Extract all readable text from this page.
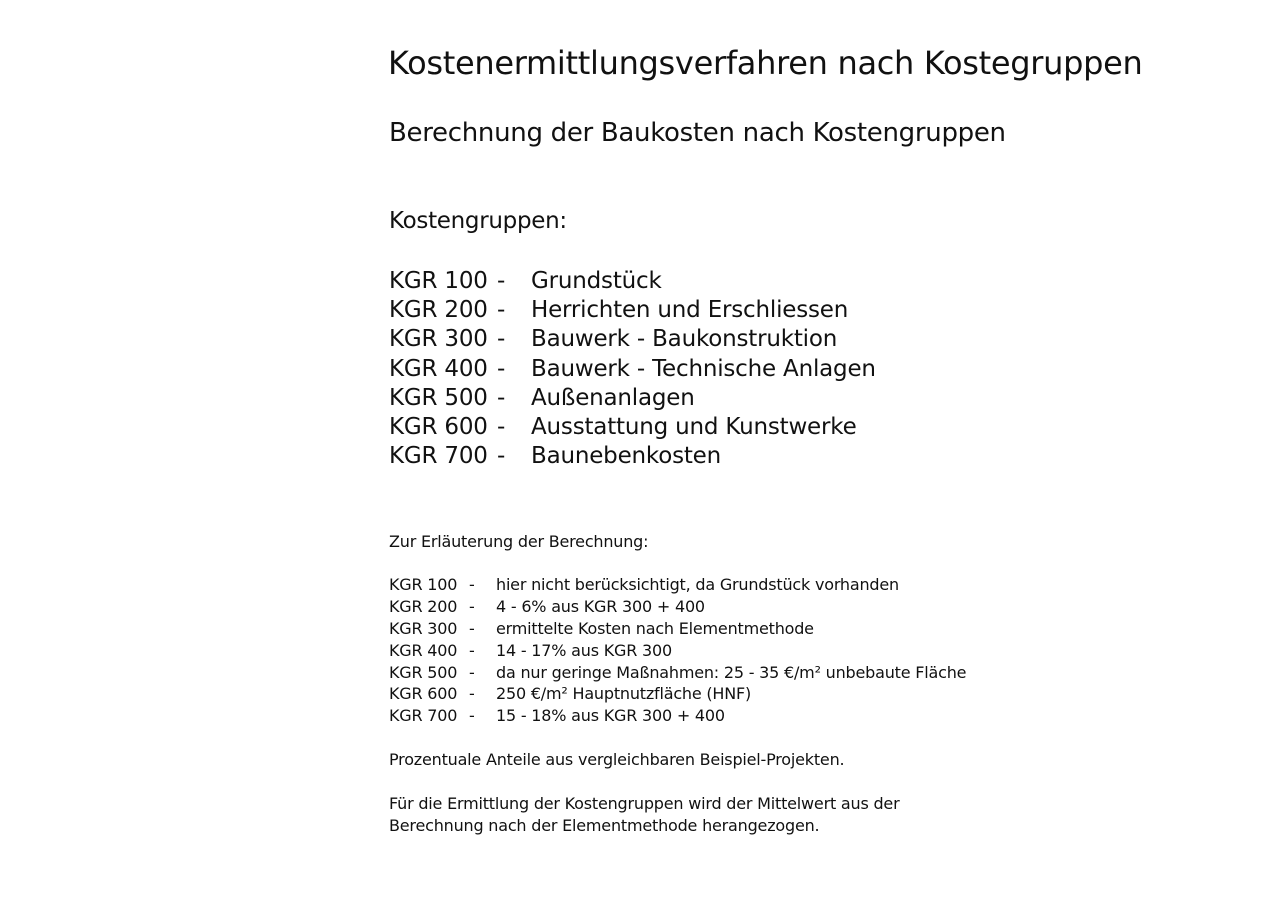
Kostenermittlungsverfahren nach Kostegruppen
Berechnung der Baukosten nach Kostengruppen
Kostengruppen:
KGR 100 - Grundstück
KGR 200 - Herrichten und Erschliessen
KGR 300 - Bauwerk - Baukonstruktion
KGR 400 - Bauwerk - Technische Anlagen
KGR 500 - Außenanlagen
KGR 600 - Ausstattung und Kunstwerke
KGR 700 - Baunebenkosten
Zur Erläuterung der Berechnung:
KGR 100 - hier nicht berücksichtigt, da Grundstück vorhanden
KGR 200 - 4 - 6% aus KGR 300 + 400
KGR 300 - ermittelte Kosten nach Elementmethode
KGR 400 - 14 - 17% aus KGR 300
KGR 500 - da nur geringe Maßnahmen: 25 - 35 €/m² unbebaute Fläche
KGR 600 - 250 €/m² Hauptnutzfläche (HNF)
KGR 700 - 15 - 18% aus KGR 300 + 400
Prozentuale Anteile aus vergleichbaren Beispiel-Projekten.
Für die Ermittlung der Kostengruppen wird der Mittelwert aus der
Berechnung nach der Elementmethode herangezogen.
